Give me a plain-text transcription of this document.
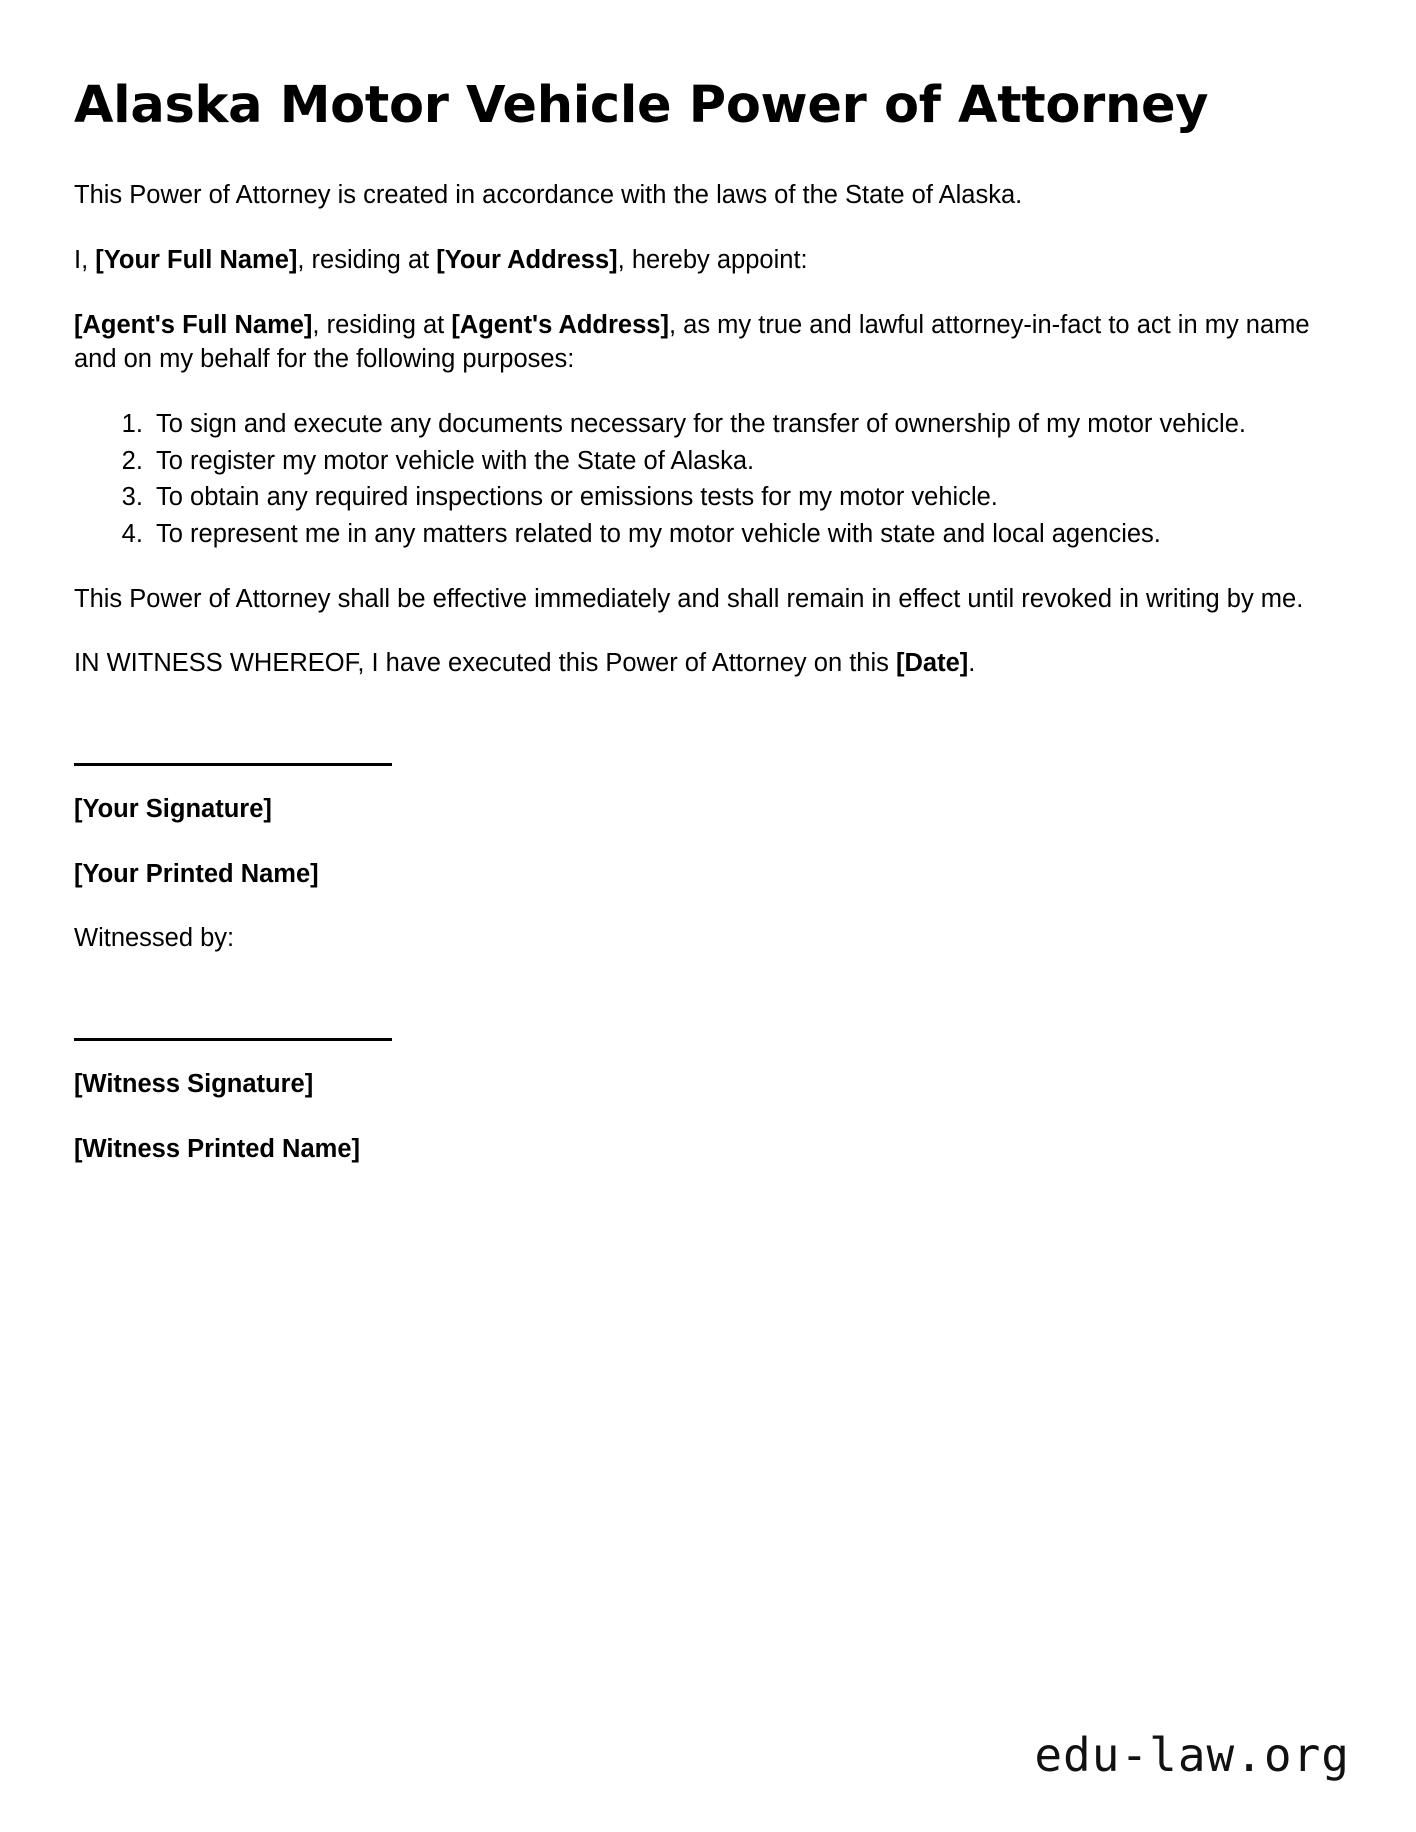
Alaska Motor Vehicle Power of Attorney

This Power of Attorney is created in accordance with the laws of the State of Alaska.

I, [Your Full Name], residing at [Your Address], hereby appoint:

[Agent's Full Name], residing at [Agent's Address], as my true and lawful attorney-in-fact to act in my name and on my behalf for the following purposes:

1. To sign and execute any documents necessary for the transfer of ownership of my motor vehicle.
2. To register my motor vehicle with the State of Alaska.
3. To obtain any required inspections or emissions tests for my motor vehicle.
4. To represent me in any matters related to my motor vehicle with state and local agencies.

This Power of Attorney shall be effective immediately and shall remain in effect until revoked in writing by me.

IN WITNESS WHEREOF, I have executed this Power of Attorney on this [Date].

[Your Signature]
[Your Printed Name]
Witnessed by:
[Witness Signature]
[Witness Printed Name]
edu-law.org
